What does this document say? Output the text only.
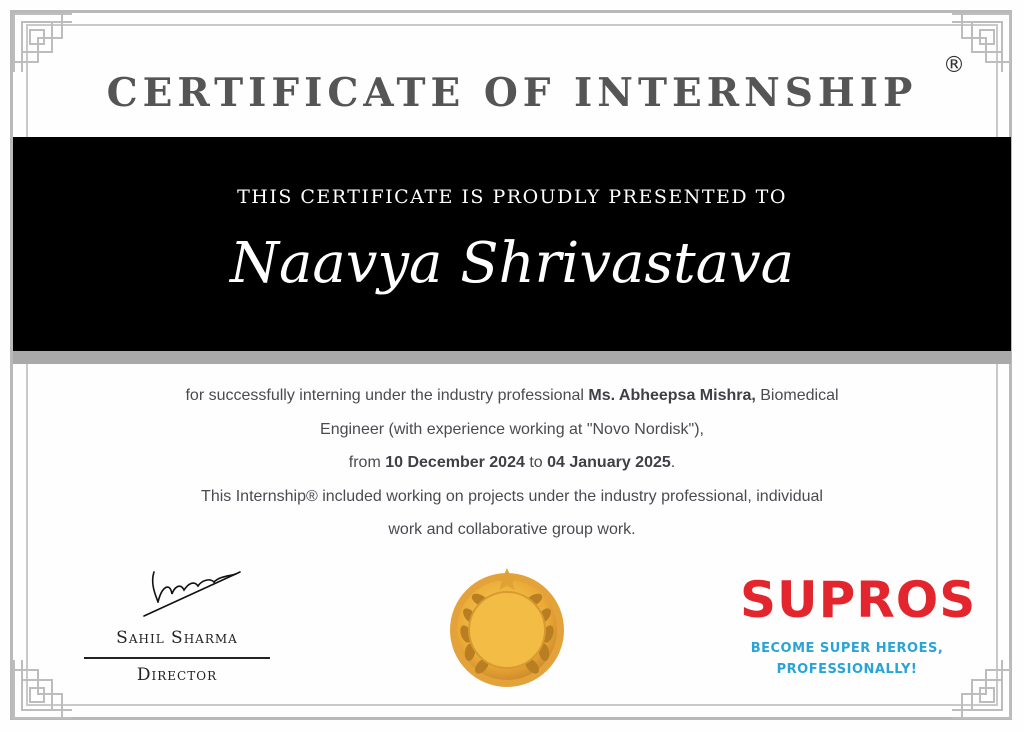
CERTIFICATE OF INTERNSHIP
®
THIS CERTIFICATE IS PROUDLY PRESENTED TO
Naavya Shrivastava
for successfully interning under the industry professional Ms. Abheepsa Mishra, Biomedical
Engineer (with experience working at "Novo Nordisk"),
from 10 December 2024 to 04 January 2025.
This Internship® included working on projects under the industry professional, individual
work and collaborative group work.
Sahil Sharma
Director
SUPROS
BECOME SUPER HEROES,
PROFESSIONALLY!
